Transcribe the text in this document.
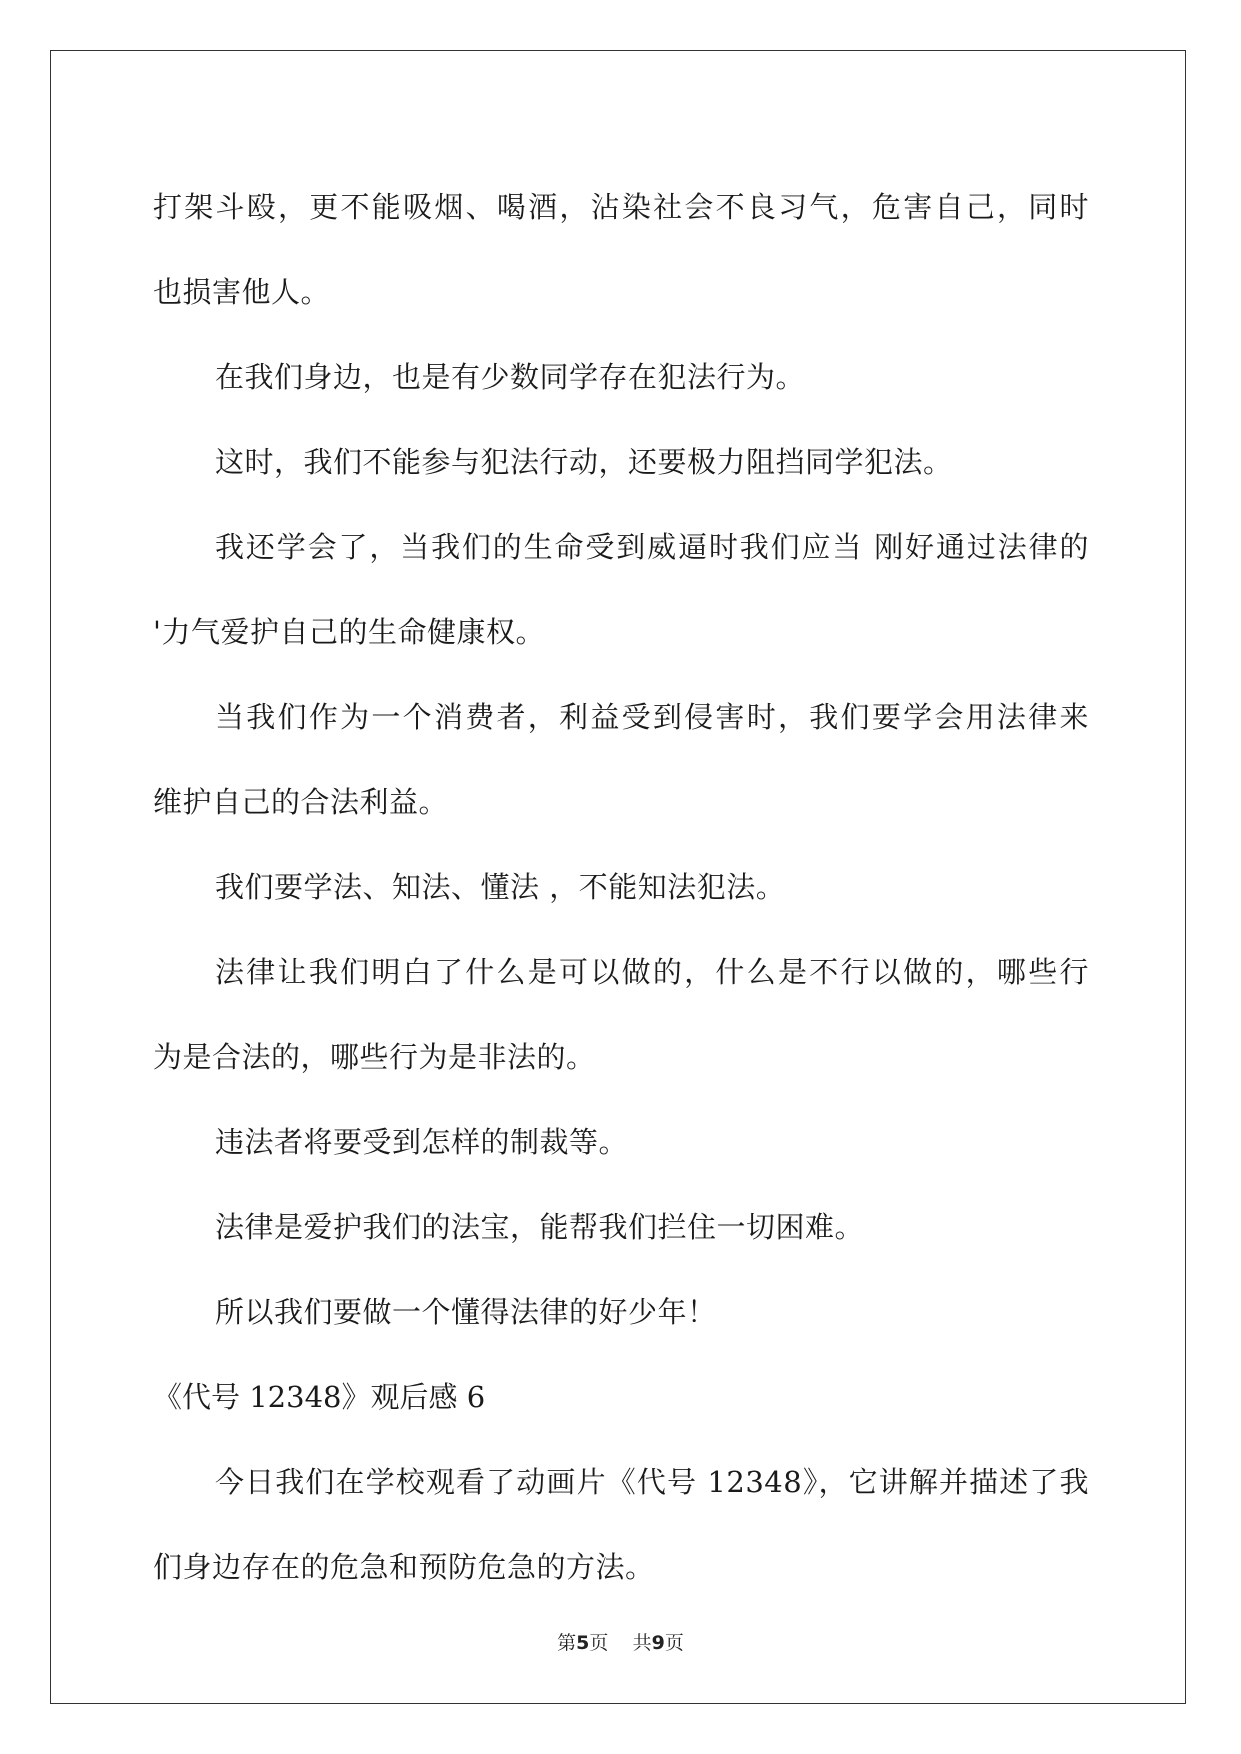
打架斗殴，更不能吸烟、喝酒，沾染社会不良习气，危害自己，同时
也损害他人。
在我们身边，也是有少数同学存在犯法行为。
这时，我们不能参与犯法行动，还要极力阻挡同学犯法。
我还学会了，当我们的生命受到威逼时我们应当 刚好通过法律的
'力气爱护自己的生命健康权。
当我们作为一个消费者，利益受到侵害时，我们要学会用法律来
维护自己的合法利益。
我们要学法、知法、懂法 ，不能知法犯法。
法律让我们明白了什么是可以做的，什么是不行以做的，哪些行
为是合法的，哪些行为是非法的。
违法者将要受到怎样的制裁等。
法律是爱护我们的法宝，能帮我们拦住一切困难。
所以我们要做一个懂得法律的好少年！
《代号 12348》观后感 6
今日我们在学校观看了动画片《代号 12348》，它讲解并描述了我
们身边存在的危急和预防危急的方法。
第5页    共9页
